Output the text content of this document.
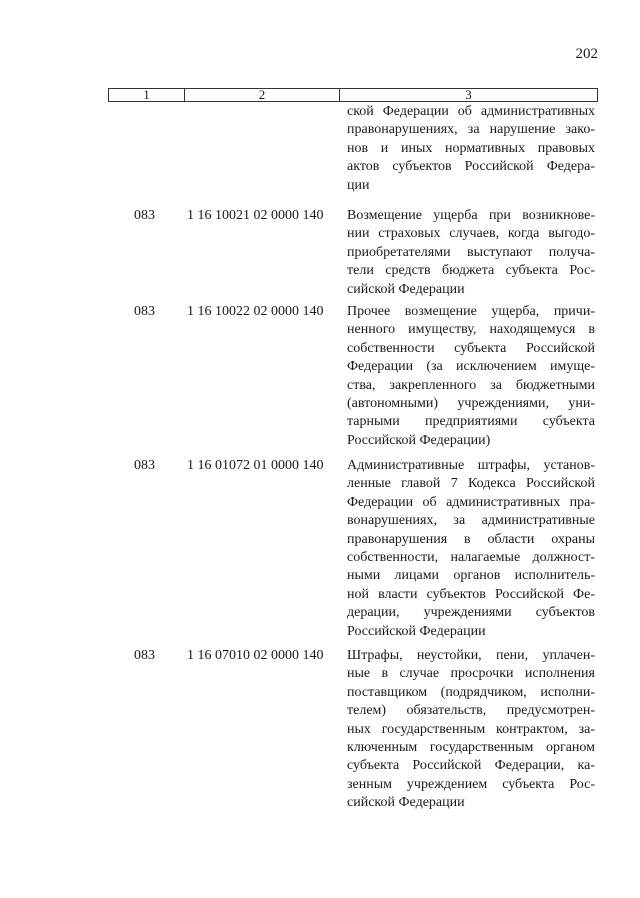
202
1	2	3
ской Федерации об административных
правонарушениях, за нарушение зако-
нов и иных нормативных правовых
актов субъектов Российской Федера-
ции
083 1 16 10021 02 0000 140 Возмещение ущерба при возникнове-
нии страховых случаев, когда выгодо-
приобретателями выступают получа-
тели средств бюджета субъекта Рос-
сийской Федерации
083 1 16 10022 02 0000 140 Прочее возмещение ущерба, причи-
ненного имуществу, находящемуся в
собственности субъекта Российской
Федерации (за исключением имуще-
ства, закрепленного за бюджетными
(автономными) учреждениями, уни-
тарными предприятиями субъекта
Российской Федерации)
083 1 16 01072 01 0000 140 Административные штрафы, установ-
ленные главой 7 Кодекса Российской
Федерации об административных пра-
вонарушениях, за административные
правонарушения в области охраны
собственности, налагаемые должност-
ными лицами органов исполнитель-
ной власти субъектов Российской Фе-
дерации, учреждениями субъектов
Российской Федерации
083 1 16 07010 02 0000 140 Штрафы, неустойки, пени, уплачен-
ные в случае просрочки исполнения
поставщиком (подрядчиком, исполни-
телем) обязательств, предусмотрен-
ных государственным контрактом, за-
ключенным государственным органом
субъекта Российской Федерации, ка-
зенным учреждением субъекта Рос-
сийской Федерации
